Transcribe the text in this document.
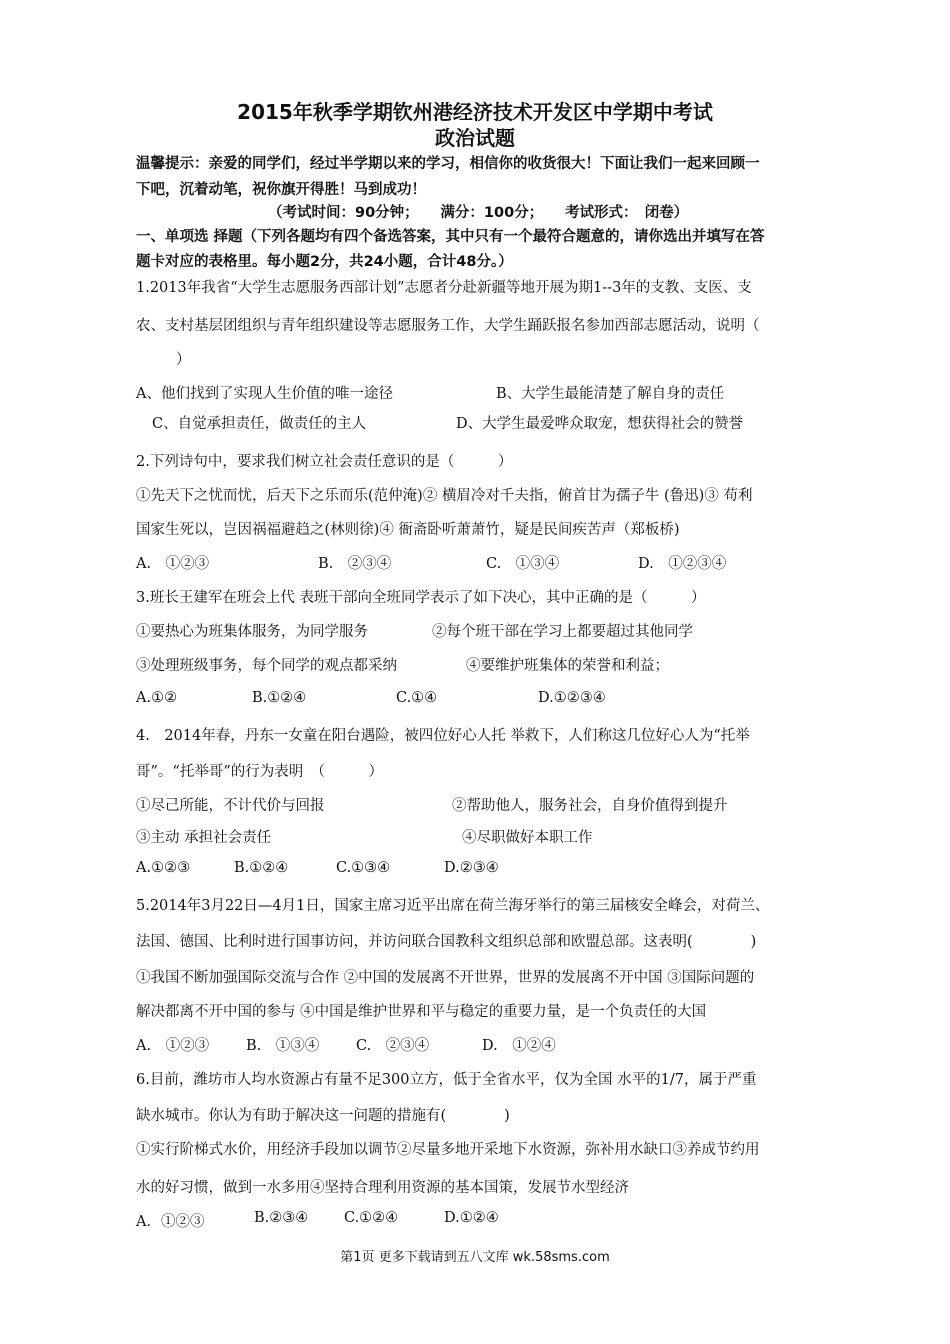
2015年秋季学期钦州港经济技术开发区中学期中考试
政治试题
温馨提示：亲爱的同学们，经过半学期以来的学习，相信你的收货很大！下面让我们一起来回顾一
下吧，沉着动笔，祝你旗开得胜！马到成功！
（考试时间：90分钟；　　满分：100分；　　考试形式：　闭卷）
一、单项选 择题（下列各题均有四个备选答案，其中只有一个最符合题意的，请你选出并填写在答
题卡对应的表格里。每小题2分，共24小题，合计48分。）
1.2013年我省“大学生志愿服务西部计划”志愿者分赴新疆等地开展为期1--3年的支教、支医、支
农、支村基层团组织与青年组织建设等志愿服务工作，大学生踊跃报名参加西部志愿活动，说明（
）
A、他们找到了实现人生价值的唯一途径	B、大学生最能清楚了解自身的责任
C、自觉承担责任，做责任的主人	D、大学生最爱哗众取宠，想获得社会的赞誉
2.下列诗句中，要求我们树立社会责任意识的是（　　　）
①先天下之忧而忧，后天下之乐而乐(范仲淹)② 横眉冷对千夫指，俯首甘为孺子牛 (鲁迅)③ 苟利
国家生死以，岂因祸福避趋之(林则徐)④ 衙斋卧听萧萧竹，疑是民间疾苦声（郑板桥)
A.　①②③	B.　②③④	C.　①③④	D.　①②③④
3.班长王建军在班会上代 表班干部向全班同学表示了如下决心，其中正确的是（　　　）
①要热心为班集体服务，为同学服务	②每个班干部在学习上都要超过其他同学
③处理班级事务，每个同学的观点都采纳	④要维护班集体的荣誉和利益；
A.①②	B.①②④	C.①④	D.①②③④
4.　2014年春，丹东一女童在阳台遇险，被四位好心人托 举救下，人们称这几位好心人为“托举
哥”。“托举哥”的行为表明　（　　　）
①尽己所能，不计代价与回报	②帮助他人，服务社会，自身价值得到提升
③主动 承担社会责任	④尽职做好本职工作
A.①②③	B.①②④	C.①③④	D.②③④
5.2014年3月22日—4月1日，国家主席习近平出席在荷兰海牙举行的第三届核安全峰会，对荷兰、
法国、德国、比利时进行国事访问，并访问联合国教科文组织总部和欧盟总部。这表明(　　　　)
①我国不断加强国际交流与合作 ②中国的发展离不开世界，世界的发展离不开中国 ③国际问题的
解决都离不开中国的参与 ④中国是维护世界和平与稳定的重要力量，是一个负责任的大国
A.　①②③	B.　①③④	C.　②③④	D.　①②④
6.目前，潍坊市人均水资源占有量不足300立方，低于全省水平，仅为全国 水平的1/7，属于严重
缺水城市。你认为有助于解决这一问题的措施有(　　　　)
①实行阶梯式水价，用经济手段加以调节②尽量多地开采地下水资源，弥补用水缺口③养成节约用
水的好习惯，做到一水多用④坚持合理利用资源的基本国策，发展节水型经济
A．①②③	B.②③④ C.①②④	D.①②④
第1页 更多下载请到五八文库 wk.58sms.com
